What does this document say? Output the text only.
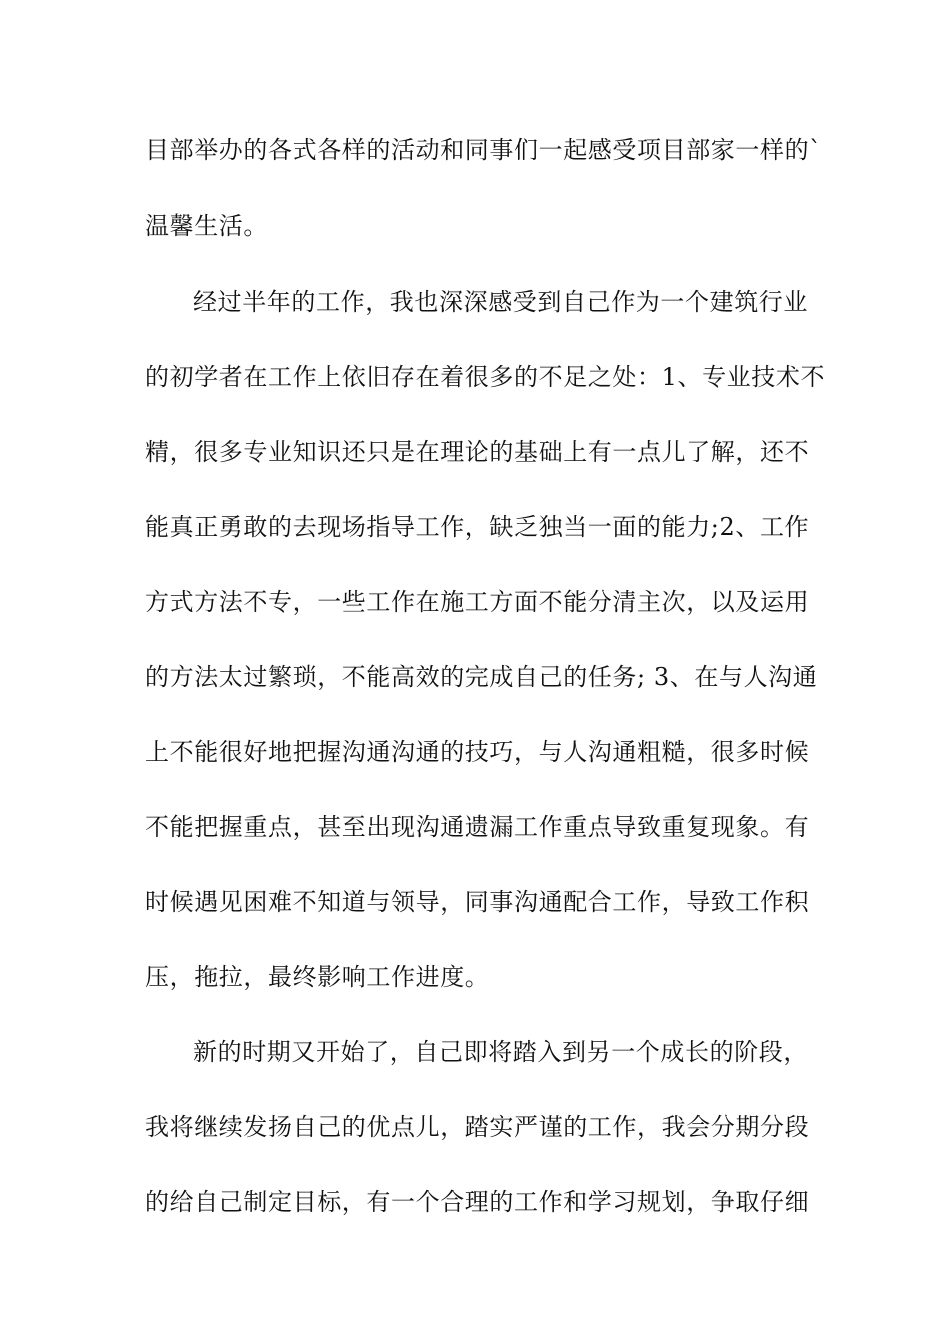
目部举办的各式各样的活动和同事们一起感受项目部家一样的`
温馨生活。
经过半年的工作，我也深深感受到自己作为一个建筑行业
的初学者在工作上依旧存在着很多的不足之处：1、专业技术不
精，很多专业知识还只是在理论的基础上有一点儿了解，还不
能真正勇敢的去现场指导工作，缺乏独当一面的能力;2、工作
方式方法不专，一些工作在施工方面不能分清主次，以及运用
的方法太过繁琐，不能高效的完成自己的任务; 3、在与人沟通
上不能很好地把握沟通沟通的技巧，与人沟通粗糙，很多时候
不能把握重点，甚至出现沟通遗漏工作重点导致重复现象。有
时候遇见困难不知道与领导，同事沟通配合工作，导致工作积
压，拖拉，最终影响工作进度。
新的时期又开始了，自己即将踏入到另一个成长的阶段，
我将继续发扬自己的优点儿，踏实严谨的工作，我会分期分段
的给自己制定目标，有一个合理的工作和学习规划，争取仔细
